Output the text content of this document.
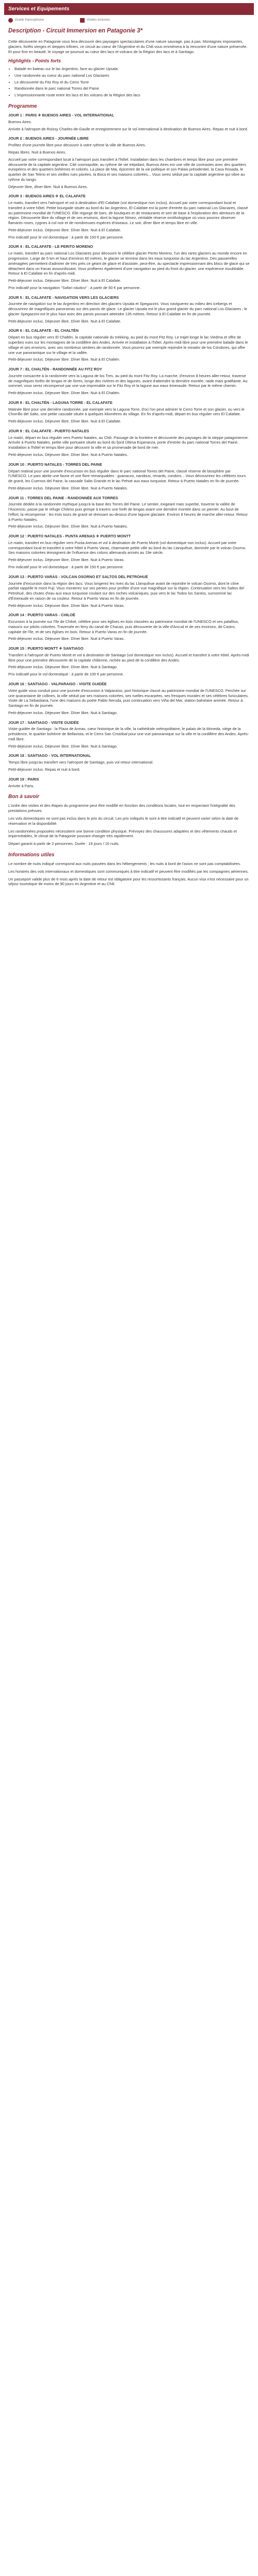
Services et Equipements
Guide francophone	Visites incluses
Description - Circuit Immersion en Patagonie 3*

Cette découverte en Patagonie vous fera découvrir des paysages spectaculaires d'une nature sauvage, pas à pas. Montagnes imposantes, glaciers, forêts vierges et steppes infinies, ce circuit au coeur de l'Argentine et du Chili vous emmènera à la rencontre d'une nature préservée. Et pour finir en beauté, le voyage se poursuit au cœur des lacs et volcans de la Région des lacs et à Santiago.

Highlights - Points forts
• Balade en bateau sur le lac Argentino, face au glacier Upsala
• Une randonnée au coeur du parc national Los Glaciares
• Le découverte du Fitz Roy et du Cerro Torre
• Randonnée dans le parc national Torres del Paine
• L'impressionnante route entre les lacs et les volcans de la Région des lacs
Programme
JOUR 1 : PARIS ✈ BUENOS AIRES - VOL INTERNATIONAL

Buenos Aires.

Arrivée à l'aéroport de Roissy Charles-de-Gaulle et enregistrement sur le vol international à destination de Buenos Aires. Repas et nuit à bord.

JOUR 2 : BUENOS AIRES - JOURNÉE LIBRE

Profitez d'une journée libre pour découvrir à votre rythme la ville de Buenos Aires.

Repas libres. Nuit à Buenos Aires.

Accueil par votre correspondant local à l'aéroport puis transfert à l'hôtel. Installation dans les chambres et temps libre pour une première découverte de la capitale argentine. Cité cosmopolite, au rythme de vie trépidant, Buenos Aires est une ville de contrastes avec des quartiers européens et des quartiers bohèmes et colorés. La place de Mai, épicentre de la vie politique et son Palais présidentiel, la Casa Rosada, le quartier de San Telmo et ses vieilles rues pavées, la Boca et ses maisons colorées... Vous serez séduit par la capitale argentine qui vibre au rythme du tango.

Déjeuner libre, dîner libre. Nuit à Buenos Aires.

JOUR 3 : BUENOS AIRES ✈ EL CALAFATE

Le matin, transfert vers l'aéroport et vol à destination d'El Calafate (vol domestique non inclus). Accueil par votre correspondant local et transfert à votre hôtel. Petite bourgade située au bord du lac Argentino, El Calafate est la porte d'entrée du parc national Los Glaciares, classé au patrimoine mondial de l'UNESCO. Elle regorge de bars, de boutiques et de restaurants et sert de base à l'exploration des alentours de la région. Découverte libre du village et de ses environs, dont la lagune Nimez, véritable réserve ornithologique où vous pourrez observer flamants roses, cygnes à col noir et de nombreuses espèces d'oiseaux. Le soir, dîner libre et temps libre en ville.

Petit-déjeuner inclus. Déjeuner libre. Dîner libre. Nuit à El Calafate.

Prix indicatif pour le vol domestique : à partir de 150 € par personne.

JOUR 4 : EL CALAFATE - LE PERITO MORENO

Le matin, transfert au parc national Los Glaciares pour découvrir le célèbre glacier Perito Moreno, l'un des rares glaciers au monde encore en progression. Large de 5 km et haut d'environ 60 mètres, le glacier se termine dans les eaux turquoise du lac Argentino. Des passerelles aménagées permettent d'admirer de très près ce géant de glace et d'assister, peut-être, au spectacle impressionnant des blocs de glace qui se détachent dans un fracas assourdissant. Vous profiterez également d'une navigation au pied du front du glacier, une expérience inoubliable. Retour à El Calafate en fin d'après-midi.

Petit-déjeuner inclus. Déjeuner libre. Dîner libre. Nuit à El Calafate.

Prix indicatif pour la navigation "Safari náutico" : à partir de 60 € par personne.

JOUR 5 : EL CALAFATE - NAVIGATION VERS LES GLACIERS

Journée de navigation sur le lac Argentino en direction des glaciers Upsala et Spegazzini. Vous naviguerez au milieu des icebergs et découvrirez de magnifiques panoramas sur des parois de glace. Le glacier Upsala est le plus grand glacier du parc national Los Glaciares ; le glacier Spegazzini est le plus haut avec des parois pouvant atteindre 135 mètres. Retour à El Calafate en fin de journée.

Petit-déjeuner inclus. Déjeuner libre. Dîner libre. Nuit à El Calafate.

JOUR 6 : EL CALAFATE - EL CHALTÉN

Départ en bus régulier vers El Chaltén, la capitale nationale du trekking, au pied du mont Fitz Roy. Le trajet longe le lac Viedma et offre de superbes vues sur les montagnes de la cordillère des Andes. Arrivée et installation à l'hôtel. Après-midi libre pour une première balade dans le village et ses environs, avec ses nombreux sentiers de randonnée. Vous pourrez par exemple rejoindre le mirador de los Cóndores, qui offre une vue panoramique sur le village et la vallée.

Petit-déjeuner inclus. Déjeuner libre. Dîner libre. Nuit à El Chaltén.

JOUR 7 : EL CHALTÉN - RANDONNÉE AU FITZ ROY

Journée consacrée à la randonnée vers la Laguna de los Tres, au pied du mont Fitz Roy. La marche, d'environ 8 heures aller-retour, traverse de magnifiques forêts de lengas et de ñirres, longe des rivières et des lagunes, avant d'atteindre la dernière montée, raide mais gratifiante. Au sommet, vous serez récompensé par une vue imprenable sur le Fitz Roy et la lagune aux eaux émeraude. Retour par le même chemin.

Petit-déjeuner inclus. Déjeuner libre. Dîner libre. Nuit à El Chaltén.

JOUR 8 : EL CHALTÉN - LAGUNA TORRE - EL CALAFATE

Matinée libre pour une dernière randonnée, par exemple vers la Laguna Torre, d'où l'on peut admirer le Cerro Torre et son glacier, ou vers le Chorrillo del Salto, une petite cascade située à quelques kilomètres du village. En fin d'après-midi, départ en bus régulier vers El Calafate.

Petit-déjeuner inclus. Déjeuner libre. Dîner libre. Nuit à El Calafate.

JOUR 9 : EL CALAFATE - PUERTO NATALES

Le matin, départ en bus régulier vers Puerto Natales, au Chili. Passage de la frontière et découverte des paysages de la steppe patagonienne. Arrivée à Puerto Natales, petite ville portuaire située au bord du fjord Última Esperanza, porte d'entrée du parc national Torres del Paine. Installation à l'hôtel et temps libre pour découvrir la ville et sa promenade de bord de mer.

Petit-déjeuner inclus. Déjeuner libre. Dîner libre. Nuit à Puerto Natales.

JOUR 10 : PUERTO NATALES - TORRES DEL PAINE

Départ matinal pour une journée d'excursion en bus régulier dans le parc national Torres del Paine, classé réserve de biosphère par l'UNESCO. Le parc abrite une faune et une flore remarquables : guanacos, nandous, renards, condors... Vous découvrirez les célèbres tours de granit, les Cuernos del Paine, la cascade Salto Grande et le lac Pehoé aux eaux turquoise. Retour à Puerto Natales en fin de journée.

Petit-déjeuner inclus. Déjeuner libre. Dîner libre. Nuit à Puerto Natales.

JOUR 11 : TORRES DEL PAINE - RANDONNÉE AUX TORRES

Journée dédiée à la randonnée mythique jusqu'à la base des Torres del Paine. Le sentier, exigeant mais superbe, traverse la vallée de l'Ascencio, passe par le refuge Chileno puis grimpe à travers une forêt de lengas avant une dernière montée dans un pierrier. Au bout de l'effort, la récompense : les trois tours de granit se dressant au-dessus d'une lagune glaciaire. Environ 8 heures de marche aller-retour. Retour à Puerto Natales.

Petit-déjeuner inclus. Déjeuner libre. Dîner libre. Nuit à Puerto Natales.

JOUR 12 : PUERTO NATALES - PUNTA ARENAS ✈ PUERTO MONTT

Le matin, transfert en bus régulier vers Punta Arenas et vol à destination de Puerto Montt (vol domestique non inclus). Accueil par votre correspondant local et transfert à votre hôtel à Puerto Varas, charmante petite ville au bord du lac Llanquihue, dominée par le volcan Osorno. Ses maisons colorées témoignent de l'influence des colons allemands arrivés au 19e siècle.

Petit-déjeuner inclus. Déjeuner libre. Dîner libre. Nuit à Puerto Varas.

Prix indicatif pour le vol domestique : à partir de 150 € par personne.

JOUR 13 : PUERTO VARAS - VOLCAN OSORNO ET SALTOS DEL PETROHUÉ

Journée d'excursion dans la région des lacs. Vous longerez les rives du lac Llanquihue avant de rejoindre le volcan Osorno, dont le cône parfait rappelle le mont Fuji. Vous monterez sur ses pentes pour profiter d'une vue magnifique sur la région. Continuation vers les Saltos del Petrohué, des chutes d'eau aux eaux turquoise coulant sur des roches volcaniques, puis vers le lac Todos los Santos, surnommé lac d'Émeraude en raison de sa couleur. Retour à Puerto Varas en fin de journée.

Petit-déjeuner inclus. Déjeuner libre. Dîner libre. Nuit à Puerto Varas.

JOUR 14 : PUERTO VARAS - CHILOÉ

Excursion à la journée sur l'île de Chiloé, célèbre pour ses églises en bois classées au patrimoine mondial de l'UNESCO et ses palafitos, maisons sur pilotis colorées. Traversée en ferry du canal de Chacao, puis découverte de la ville d'Ancud et de ses environs, de Castro, capitale de l'île, et de ses églises en bois. Retour à Puerto Varas en fin de journée.

Petit-déjeuner inclus. Déjeuner libre. Dîner libre. Nuit à Puerto Varas.

JOUR 15 : PUERTO MONTT ✈ SANTIAGO

Transfert à l'aéroport de Puerto Montt et vol à destination de Santiago (vol domestique non inclus). Accueil et transfert à votre hôtel. Après-midi libre pour une première découverte de la capitale chilienne, nichée au pied de la cordillère des Andes.

Petit-déjeuner inclus. Déjeuner libre. Dîner libre. Nuit à Santiago.

Prix indicatif pour le vol domestique : à partir de 100 € par personne.

JOUR 16 : SANTIAGO - VALPARAISO - VISITE GUIDÉE

Votre guide vous conduit pour une journée d'excursion à Valparaíso, port historique classé au patrimoine mondial de l'UNESCO. Perchée sur une quarantaine de collines, la ville séduit par ses maisons colorées, ses ruelles escarpées, ses fresques murales et ses célèbres funiculaires. Visite de La Sebastiana, l'une des maisons du poète Pablo Neruda, puis continuation vers Viña del Mar, station balnéaire animée. Retour à Santiago en fin de journée.

Petit-déjeuner inclus. Déjeuner libre. Dîner libre. Nuit à Santiago.

JOUR 17 : SANTIAGO - VISITE GUIDÉE

Visite guidée de Santiago : la Plaza de Armas, cœur historique de la ville, la cathédrale métropolitaine, le palais de la Moneda, siège de la présidence, le quartier bohème de Bellavista, et le Cerro San Cristóbal pour une vue panoramique sur la ville et la cordillère des Andes. Après-midi libre.

Petit-déjeuner inclus. Déjeuner libre. Dîner libre. Nuit à Santiago.

JOUR 18 : SANTIAGO - VOL INTERNATIONAL

Temps libre jusqu'au transfert vers l'aéroport de Santiago, puis vol retour international.

Petit-déjeuner inclus. Repas et nuit à bord.

JOUR 19 : PARIS

Arrivée à Paris.

Bon à savoir

L'ordre des visites et des étapes du programme peut être modifié en fonction des conditions locales, tout en respectant l'intégralité des prestations prévues.

Les vols domestiques ne sont pas inclus dans le prix du circuit. Les prix indiqués le sont à titre indicatif et peuvent varier selon la date de réservation et la disponibilité.

Les randonnées proposées nécessitent une bonne condition physique. Prévoyez des chaussures adaptées et des vêtements chauds et imperméables, le climat de la Patagonie pouvant changer très rapidement.

Départ garanti à partir de 2 personnes. Durée : 19 jours / 16 nuits.

Informations utiles

Le nombre de nuits indiqué correspond aux nuits passées dans les hébergements ; les nuits à bord de l'avion ne sont pas comptabilisées.

Les horaires des vols internationaux et domestiques sont communiqués à titre indicatif et peuvent être modifiés par les compagnies aériennes.

Un passeport valide plus de 6 mois après la date de retour est obligatoire pour les ressortissants français. Aucun visa n'est nécessaire pour un séjour touristique de moins de 90 jours en Argentine et au Chili.
